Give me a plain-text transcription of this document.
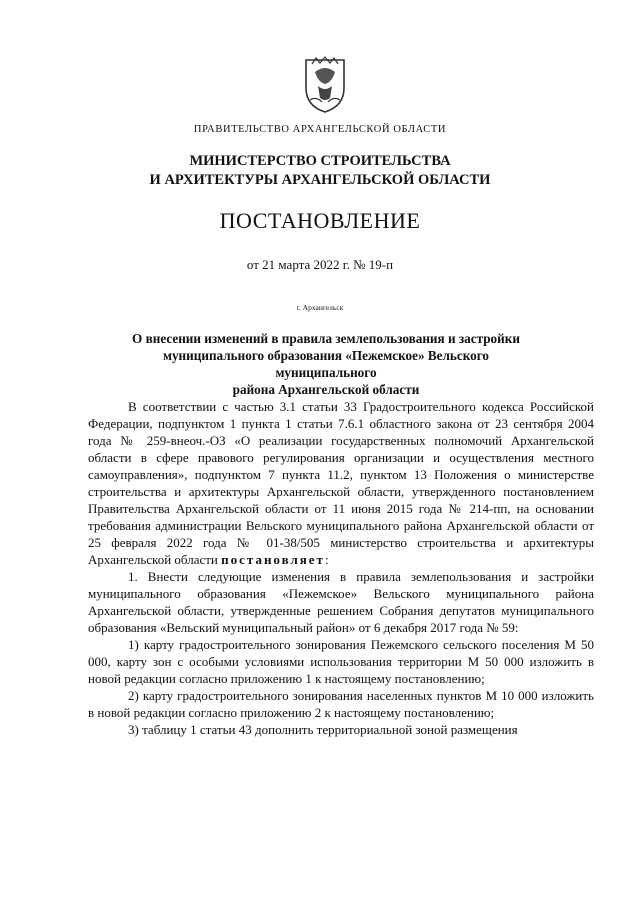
ПРАВИТЕЛЬСТВО АРХАНГЕЛЬСКОЙ ОБЛАСТИ
МИНИСТЕРСТВО СТРОИТЕЛЬСТВА
И АРХИТЕКТУРЫ АРХАНГЕЛЬСКОЙ ОБЛАСТИ
ПОСТАНОВЛЕНИЕ
от 21 марта 2022 г. № 19-п
г. Архангельск
О внесении изменений в правила землепользования и застройки
муниципального образования «Пежемское» Вельского муниципального
района Архангельской области

В соответствии с частью 3.1 статьи 33 Градостроительного кодекса Российской Федерации, подпунктом 1 пункта 1 статьи 7.6.1 областного закона от 23 сентября 2004 года № 259-внеоч.-ОЗ «О реализации государственных полномочий Архангельской области в сфере правового регулирования организации и осуществления местного самоуправления», подпунктом 7 пункта 11.2, пунктом 13 Положения о министерстве строительства и архитектуры Архангельской области, утвержденного постановлением Правительства Архангельской области от 11 июня 2015 года № 214-пп, на основании требования администрации Вельского муниципального района Архангельской области от 25 февраля 2022 года № 01-38/505 министерство строительства и архитектуры Архангельской области постановляет:

1. Внести следующие изменения в правила землепользования и застройки муниципального образования «Пежемское» Вельского муниципального района Архангельской области, утвержденные решением Собрания депутатов муниципального образования «Вельский муниципальный район» от 6 декабря 2017 года № 59:

1) карту градостроительного зонирования Пежемского сельского поселения М 50 000, карту зон с особыми условиями использования территории М 50 000 изложить в новой редакции согласно приложению 1 к настоящему постановлению;

2) карту градостроительного зонирования населенных пунктов М 10 000 изложить в новой редакции согласно приложению 2 к настоящему постановлению;

3) таблицу 1 статьи 43 дополнить территориальной зоной размещения
